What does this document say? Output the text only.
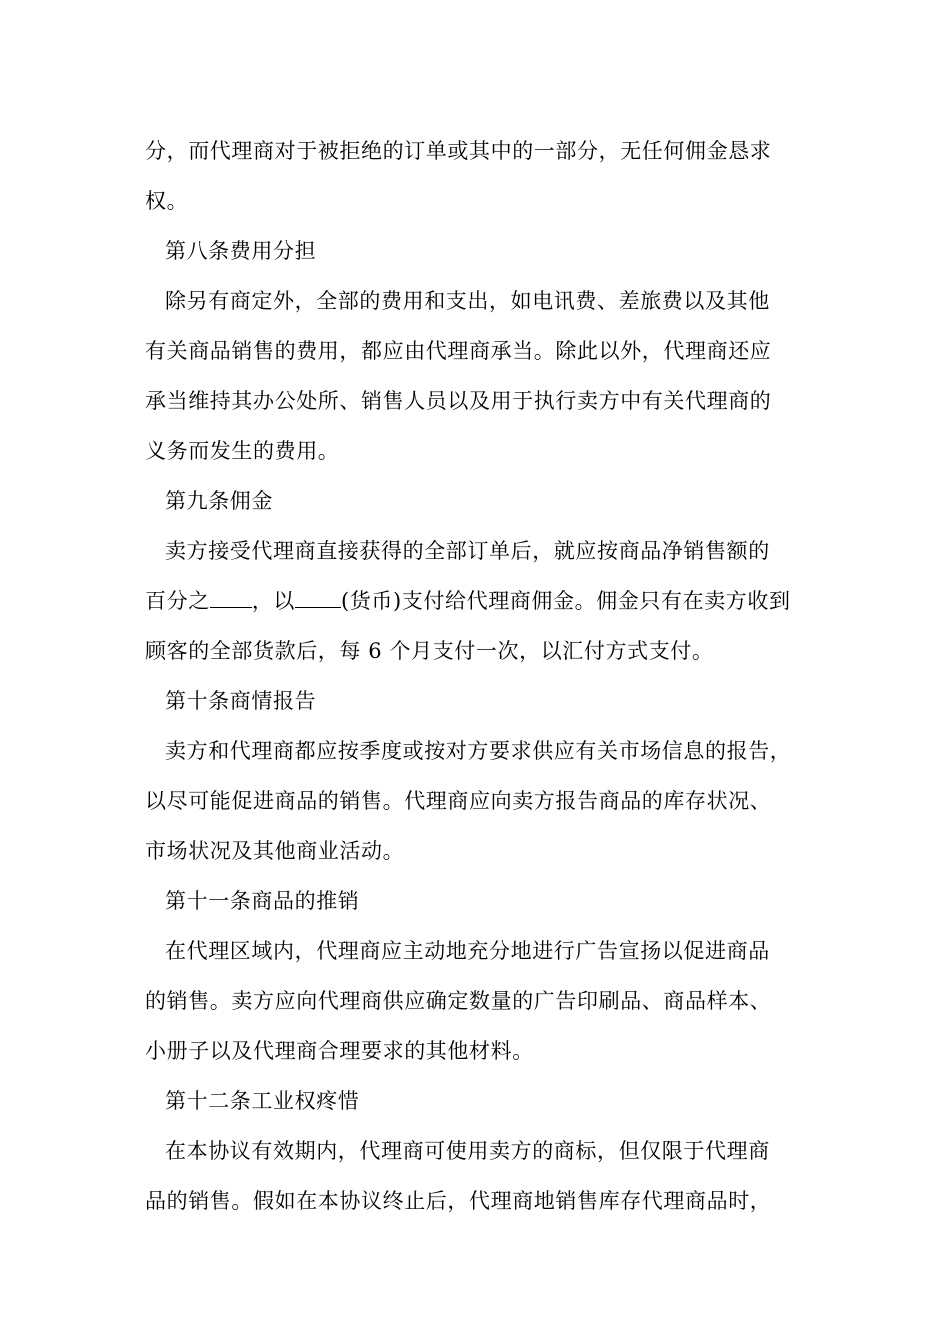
分，而代理商对于被拒绝的订单或其中的一部分，无任何佣金恳求
权。
第八条费用分担
除另有商定外，全部的费用和支出，如电讯费、差旅费以及其他
有关商品销售的费用，都应由代理商承当。除此以外，代理商还应
承当维持其办公处所、销售人员以及用于执行卖方中有关代理商的
义务而发生的费用。
第九条佣金
卖方接受代理商直接获得的全部订单后，就应按商品净销售额的
百分之 ，以 (货币)支付给代理商佣金。佣金只有在卖方收到
顾客的全部货款后，每 6 个月支付一次，以汇付方式支付。
第十条商情报告
卖方和代理商都应按季度或按对方要求供应有关市场信息的报告，
以尽可能促进商品的销售。代理商应向卖方报告商品的库存状况、
市场状况及其他商业活动。
第十一条商品的推销
在代理区域内，代理商应主动地充分地进行广告宣扬以促进商品
的销售。卖方应向代理商供应确定数量的广告印刷品、商品样本、
小册子以及代理商合理要求的其他材料。
第十二条工业权疼惜
在本协议有效期内，代理商可使用卖方的商标，但仅限于代理商
品的销售。假如在本协议终止后，代理商地销售库存代理商品时，
